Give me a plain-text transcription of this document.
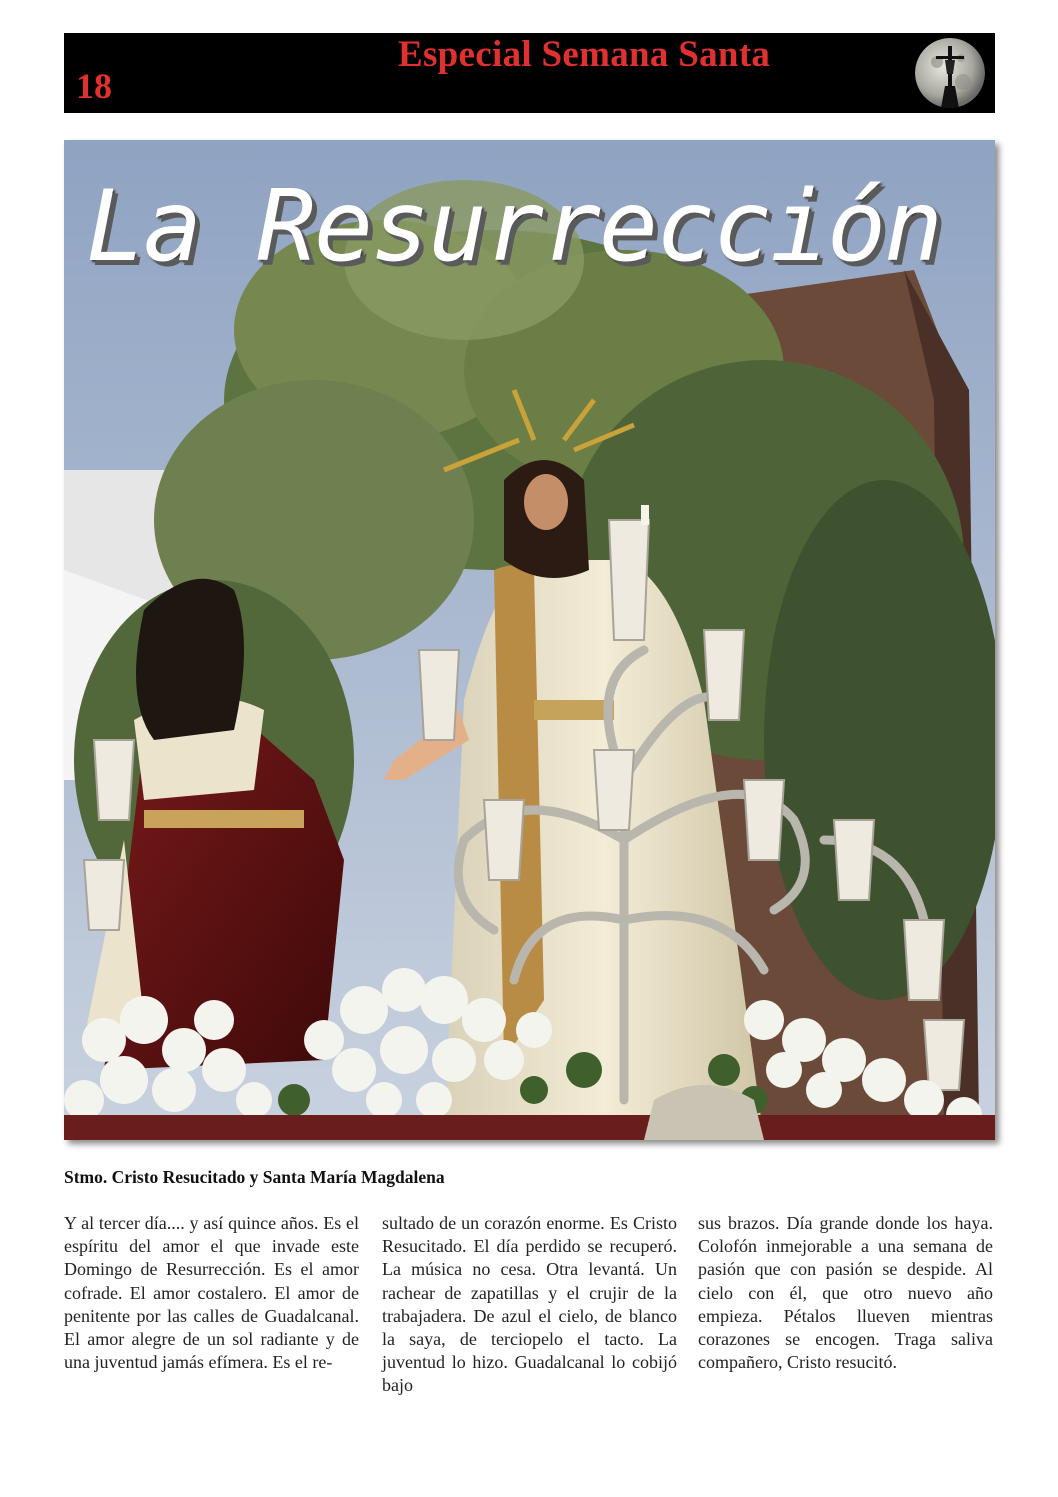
18
Especial Semana Santa
La Resurrección
Stmo. Cristo Resucitado y Santa María Magdalena
Y al tercer día.... y así quince años. Es el espíritu del amor el que invade este Domingo de Resurrección. Es el amor cofrade. El amor costalero. El amor de penitente por las calles de Guadalcanal. El amor alegre de un sol radiante y de una juventud jamás efímera. Es el re-
sultado de un corazón enorme. Es Cristo Resucitado. El día perdido se recuperó. La música no cesa. Otra levantá. Un rachear de zapatillas y el crujir de la trabajadera. De azul el cielo, de blanco la saya, de terciopelo el tacto. La juventud lo hizo. Guadalcanal lo cobijó bajo
sus brazos. Día grande donde los haya. Colofón inmejorable a una semana de pasión que con pasión se despide. Al cielo con él, que otro nuevo año empieza. Pétalos llueven mientras corazones se encogen. Traga saliva compañero, Cristo resucitó.
